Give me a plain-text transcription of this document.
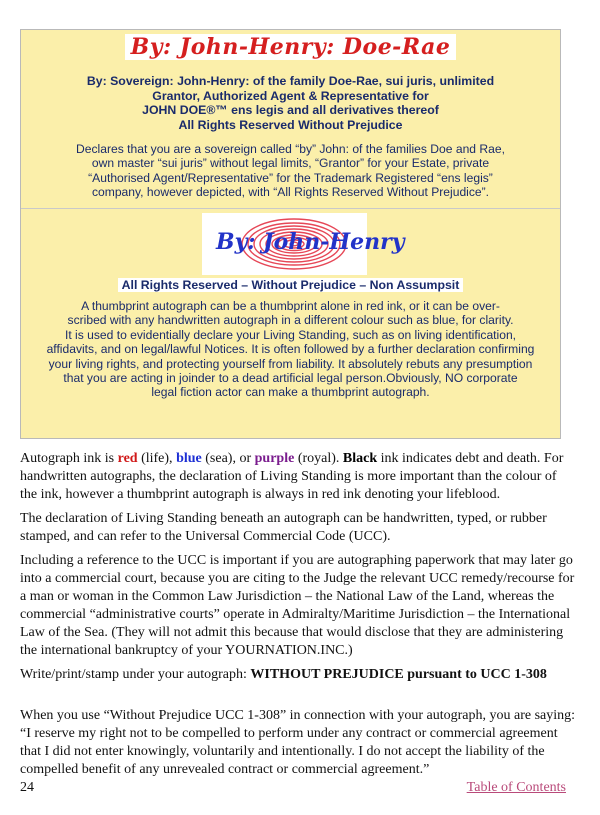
By: John-Henry: Doe-Rae
By: Sovereign: John-Henry: of the family Doe-Rae, sui juris, unlimited
Grantor, Authorized Agent & Representative for
JOHN DOE®™ ens legis and all derivatives thereof
All Rights Reserved Without Prejudice
Declares that you are a sovereign called “by” John: of the families Doe and Rae,
own master “sui juris” without legal limits, “Grantor” for your Estate, private
“Authorised Agent/Representative” for the Trademark Registered “ens legis”
company, however depicted, with “All Rights Reserved Without Prejudice”.
By: John-Henry
All Rights Reserved – Without Prejudice – Non Assumpsit
A thumbprint autograph can be a thumbprint alone in red ink, or it can be over-
scribed with any handwritten autograph in a different colour such as blue, for clarity.
It is used to evidentially declare your Living Standing, such as on living identification,
affidavits, and on legal/lawful Notices. It is often followed by a further declaration confirming
your living rights, and protecting yourself from liability. It absolutely rebuts any presumption
that you are acting in joinder to a dead artificial legal person.Obviously, NO corporate
legal fiction actor can make a thumbprint autograph.

Autograph ink is red (life), blue (sea), or purple (royal). Black ink indicates debt and death. For handwritten autographs, the declaration of Living Standing is more important than the colour of the ink, however a thumbprint autograph is always in red ink denoting your lifeblood.

The declaration of Living Standing beneath an autograph can be handwritten, typed, or rubber stamped, and can refer to the Universal Commercial Code (UCC).

Including a reference to the UCC is important if you are autographing paperwork that may later go into a commercial court, because you are citing to the Judge the relevant UCC remedy/recourse for a man or woman in the Common Law Jurisdiction – the National Law of the Land, whereas the commercial “administrative courts” operate in Admiralty/Maritime Jurisdiction – the International Law of the Sea. (They will not admit this because that would disclose that they are administering the international bankruptcy of your YOURNATION.INC.)

Write/print/stamp under your autograph: WITHOUT PREJUDICE pursuant to UCC 1-308

When you use “Without Prejudice UCC 1-308” in connection with your autograph, you are saying: “I reserve my right not to be compelled to perform under any contract or commercial agreement that I did not enter knowingly, voluntarily and intentionally. I do not accept the liability of the compelled benefit of any unrevealed contract or commercial agreement.”

24	Table of Contents
